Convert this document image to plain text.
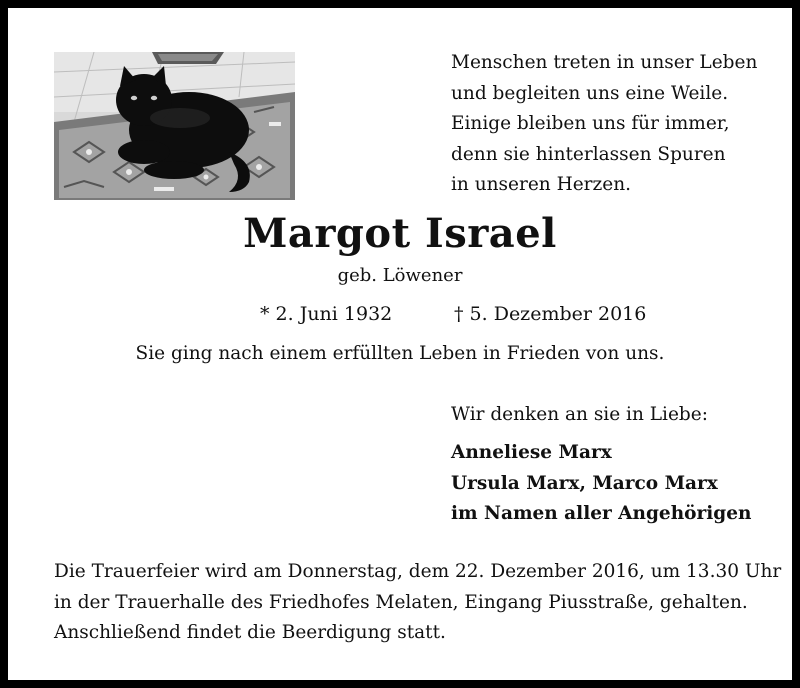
Menschen treten in unser Leben
und begleiten uns eine Weile.
Einige bleiben uns für immer,
denn sie hinterlassen Spuren
in unseren Herzen.
Margot Israel
geb. Löwener
* 2. Juni 1932	† 5. Dezember 2016
Sie ging nach einem erfüllten Leben in Frieden von uns.
Wir denken an sie in Liebe:
Anneliese Marx
Ursula Marx, Marco Marx
im Namen aller Angehörigen
Die Trauerfeier wird am Donnerstag, dem 22. Dezember 2016, um 13.30 Uhr
in der Trauerhalle des Friedhofes Melaten, Eingang Piusstraße, gehalten.
Anschließend findet die Beerdigung statt.
